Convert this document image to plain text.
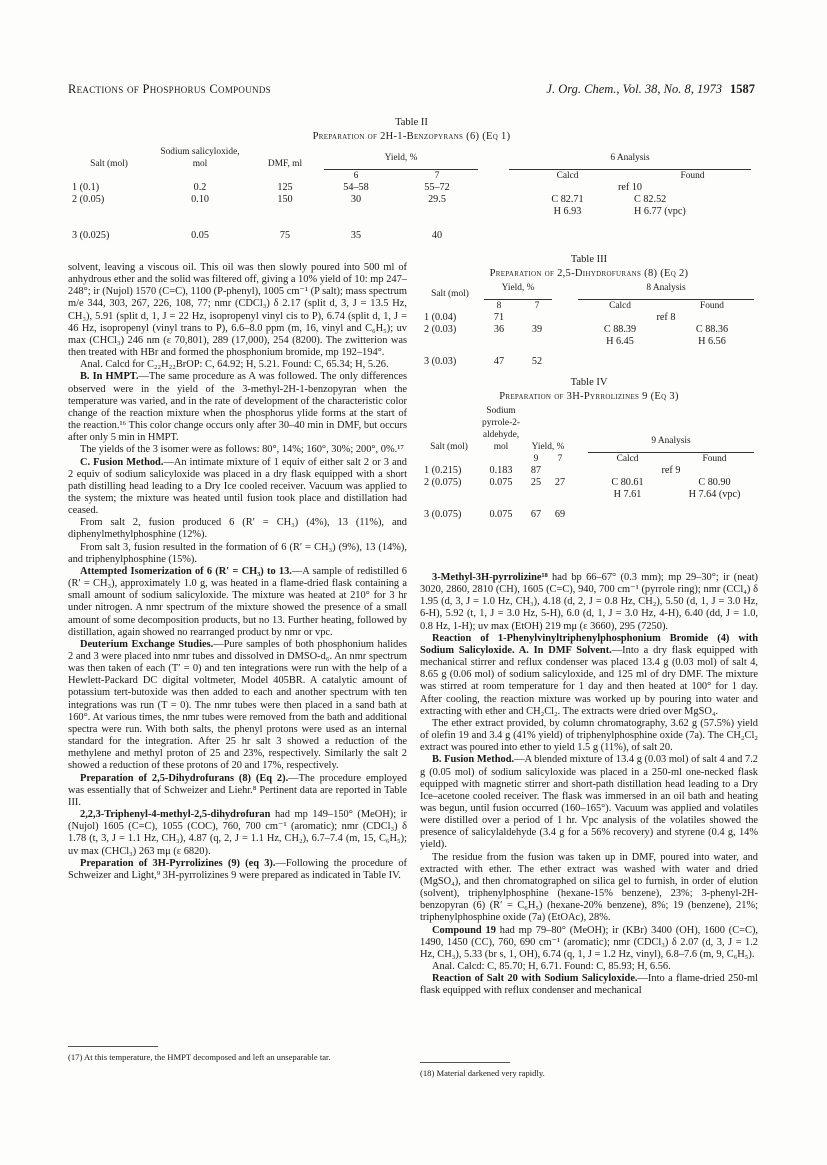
Reactions of Phosphorus Compounds	J. Org. Chem., Vol. 38, No. 8, 1973 1587
Table II
Preparation of 2H-1-Benzopyrans (6) (Eq 1)
Salt (mol)	Sodium salicyloxide, mol	DMF, ml	Yield, %			6 Analysis	

			6	7		Calcd	Found
1 (0.1)	0.2	125	54–58	55–72		ref 10	
2 (0.05)	0.10	150	30	29.5		C 82.71	C 82.52
						H 6.93	H 6.77 (vpc)
3 (0.025)	0.05	75	35	40			

solvent, leaving a viscous oil. This oil was then slowly poured into 500 ml of anhydrous ether and the solid was filtered off, giving a 10% yield of 10: mp 247–248°; ir (Nujol) 1570 (C=C), 1100 (P-phenyl), 1005 cm⁻¹ (P salt); mass spectrum m/e 344, 303, 267, 226, 108, 77; nmr (CDCl₃) δ 2.17 (split d, 3, J = 13.5 Hz, CH₃), 5.91 (split d, 1, J = 22 Hz, isopropenyl vinyl cis to P), 6.74 (split d, 1, J = 46 Hz, isopropenyl (vinyl trans to P), 6.6–8.0 ppm (m, 16, vinyl and C₆H₅); uv max (CHCl₃) 246 nm (ε 70,801), 289 (17,000), 254 (8200). The zwitterion was then treated with HBr and formed the phosphonium bromide, mp 192–194°.

Anal. Calcd for C₂₂H₂₂BrOP: C, 64.92; H, 5.21. Found: C, 65.34; H, 5.26.

B. In HMPT.—The same procedure as A was followed. The only differences observed were in the yield of the 3-methyl-2H-1-benzopyran when the temperature was varied, and in the rate of development of the characteristic color change of the reaction mixture when the phosphorus ylide forms at the start of the reaction.¹⁶ This color change occurs only after 30–40 min in DMF, but occurs after only 5 min in HMPT.

The yields of the 3 isomer were as follows: 80°, 14%; 160°, 30%; 200°, 0%.¹⁷

C. Fusion Method.—An intimate mixture of 1 equiv of either salt 2 or 3 and 2 equiv of sodium salicyloxide was placed in a dry flask equipped with a short path distilling head leading to a Dry Ice cooled receiver. Vacuum was applied to the system; the mixture was heated until fusion took place and distillation had ceased.

From salt 2, fusion produced 6 (R′ = CH₃) (4%), 13 (11%), and diphenylmethylphosphine (12%).

From salt 3, fusion resulted in the formation of 6 (R′ = CH₃) (9%), 13 (14%), and triphenylphosphine (15%).

Attempted Isomerization of 6 (R′ = CH₃) to 13.—A sample of redistilled 6 (R′ = CH₃), approximately 1.0 g, was heated in a flame-dried flask containing a small amount of sodium salicyloxide. The mixture was heated at 210° for 3 hr under nitrogen. A nmr spectrum of the mixture showed the presence of a small amount of some decomposition products, but no 13. Further heating, followed by distillation, again showed no rearranged product by nmr or vpc.

Deuterium Exchange Studies.—Pure samples of both phosphonium halides 2 and 3 were placed into nmr tubes and dissolved in DMSO-d₆. An nmr spectrum was then taken of each (T′ = 0) and ten integrations were run with the help of a Hewlett-Packard DC digital voltmeter, Model 405BR. A catalytic amount of potassium tert-butoxide was then added to each and another spectrum with ten integrations was run (T = 0). The nmr tubes were then placed in a sand bath at 160°. At various times, the nmr tubes were removed from the bath and additional spectra were run. With both salts, the phenyl protons were used as an internal standard for the integration. After 25 hr salt 3 showed a reduction of the methylene and methyl proton of 25 and 23%, respectively. Similarly the salt 2 showed a reduction of these protons of 20 and 17%, respectively.

Preparation of 2,5-Dihydrofurans (8) (Eq 2).—The procedure employed was essentially that of Schweizer and Liehr.⁸ Pertinent data are reported in Table III.

2,2,3-Triphenyl-4-methyl-2,5-dihydrofuran had mp 149–150° (MeOH); ir (Nujol) 1605 (C=C), 1055 (COC), 760, 700 cm⁻¹ (aromatic); nmr (CDCl₃) δ 1.78 (t, 3, J = 1.1 Hz, CH₃), 4.87 (q, 2, J = 1.1 Hz, CH₂), 6.7–7.4 (m, 15, C₆H₅); uv max (CHCl₃) 263 mμ (ε 6820).

Preparation of 3H-Pyrrolizines (9) (eq 3).—Following the procedure of Schweizer and Light,⁹ 3H-pyrrolizines 9 were prepared as indicated in Table IV.

(17) At this temperature, the HMPT decomposed and left an unseparable tar.
Table III
Preparation of 2,5-Dihydrofurans (8) (Eq 2)
Salt (mol)	Yield, %			8 Analysis	

	8	7		Calcd	Found
1 (0.04)	71			ref 8	
2 (0.03)	36	39		C 88.39	C 88.36
				H 6.45	H 6.56
3 (0.03)	47	52			
Table IV
Preparation of 3H-Pyrrolizines 9 (Eq 3)
Salt (mol)	Sodium pyrrole-2-aldehyde, mol	Yield, %			9 Analysis	

		9	7		Calcd	Found
1 (0.215)	0.183	87			ref 9	
2 (0.075)	0.075	25	27		C 80.61	C 80.90
					H 7.61	H 7.64 (vpc)
3 (0.075)	0.075	67	69			

3-Methyl-3H-pyrrolizine¹⁸ had bp 66–67° (0.3 mm); mp 29–30°; ir (neat) 3020, 2860, 2810 (CH), 1605 (C=C), 940, 700 cm⁻¹ (pyrrole ring); nmr (CCl₄) δ 1.95 (d, 3, J = 1.0 Hz, CH₃), 4.18 (d, 2, J = 0.8 Hz, CH₂), 5.50 (d, 1, J = 3.0 Hz, 6-H), 5.92 (t, 1, J = 3.0 Hz, 5-H), 6.0 (d, 1, J = 3.0 Hz, 4-H), 6.40 (dd, J = 1.0, 0.8 Hz, 1-H); uv max (EtOH) 219 mμ (ε 3660), 295 (7250).

Reaction of 1-Phenylvinyltriphenylphosphonium Bromide (4) with Sodium Salicyloxide. A. In DMF Solvent.—Into a dry flask equipped with mechanical stirrer and reflux condenser was placed 13.4 g (0.03 mol) of salt 4, 8.65 g (0.06 mol) of sodium salicyloxide, and 125 ml of dry DMF. The mixture was stirred at room temperature for 1 day and then heated at 100° for 1 day. After cooling, the reaction mixture was worked up by pouring into water and extracting with ether and CH₂Cl₂. The extracts were dried over MgSO₄.

The ether extract provided, by column chromatography, 3.62 g (57.5%) yield of olefin 19 and 3.4 g (41% yield) of triphenylphosphine oxide (7a). The CH₂Cl₂ extract was poured into ether to yield 1.5 g (11%), of salt 20.

B. Fusion Method.—A blended mixture of 13.4 g (0.03 mol) of salt 4 and 7.2 g (0.05 mol) of sodium salicyloxide was placed in a 250-ml one-necked flask equipped with magnetic stirrer and short-path distillation head leading to a Dry Ice–acetone cooled receiver. The flask was immersed in an oil bath and heating was begun, until fusion occurred (160–165°). Vacuum was applied and volatiles were distilled over a period of 1 hr. Vpc analysis of the volatiles showed the presence of salicylaldehyde (3.4 g for a 56% recovery) and styrene (0.4 g, 14% yield).

The residue from the fusion was taken up in DMF, poured into water, and extracted with ether. The ether extract was washed with water and dried (MgSO₄), and then chromatographed on silica gel to furnish, in order of elution (solvent), triphenylphosphine (hexane-15% benzene), 23%; 3-phenyl-2H-benzopyran (6) (R′ = C₆H₅) (hexane-20% benzene), 8%; 19 (benzene), 21%; triphenylphosphine oxide (7a) (EtOAc), 28%.

Compound 19 had mp 79–80° (MeOH); ir (KBr) 3400 (OH), 1600 (C=C), 1490, 1450 (CC), 760, 690 cm⁻¹ (aromatic); nmr (CDCl₃) δ 2.07 (d, 3, J = 1.2 Hz, CH₃), 5.33 (br s, 1, OH), 6.74 (q, 1, J = 1.2 Hz, vinyl), 6.8–7.6 (m, 9, C₆H₅).

Anal. Calcd: C, 85.70; H, 6.71. Found: C, 85.93; H, 6.56.

Reaction of Salt 20 with Sodium Salicyloxide.—Into a flame-dried 250-ml flask equipped with reflux condenser and mechanical

(18) Material darkened very rapidly.
